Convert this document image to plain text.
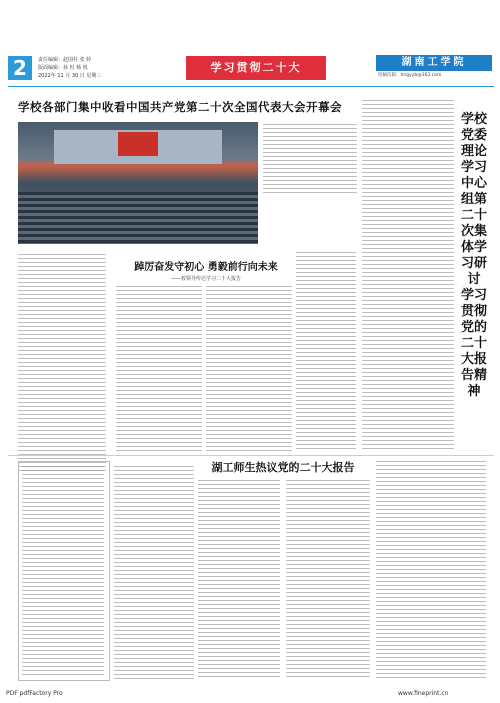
2	责任编辑：赵国柱 张 婷
版面编辑：孙 恒 杨 锐
2022年 11 月 30 日 星期三
学习贯彻二十大	湖南工学院
投稿信箱：hngyyb@163.com
学校各部门集中收看中国共产党第二十次全国代表大会开幕会
踔厉奋发守初心 勇毅前行向未来
——校领导传达学习二十大报告
学校党委理论学习中心组第二十次集体学习研讨 学习贯彻党的二十大报告精神
湖工师生热议党的二十大报告
PDF pdfFactory Pro	www.fineprint.cn
